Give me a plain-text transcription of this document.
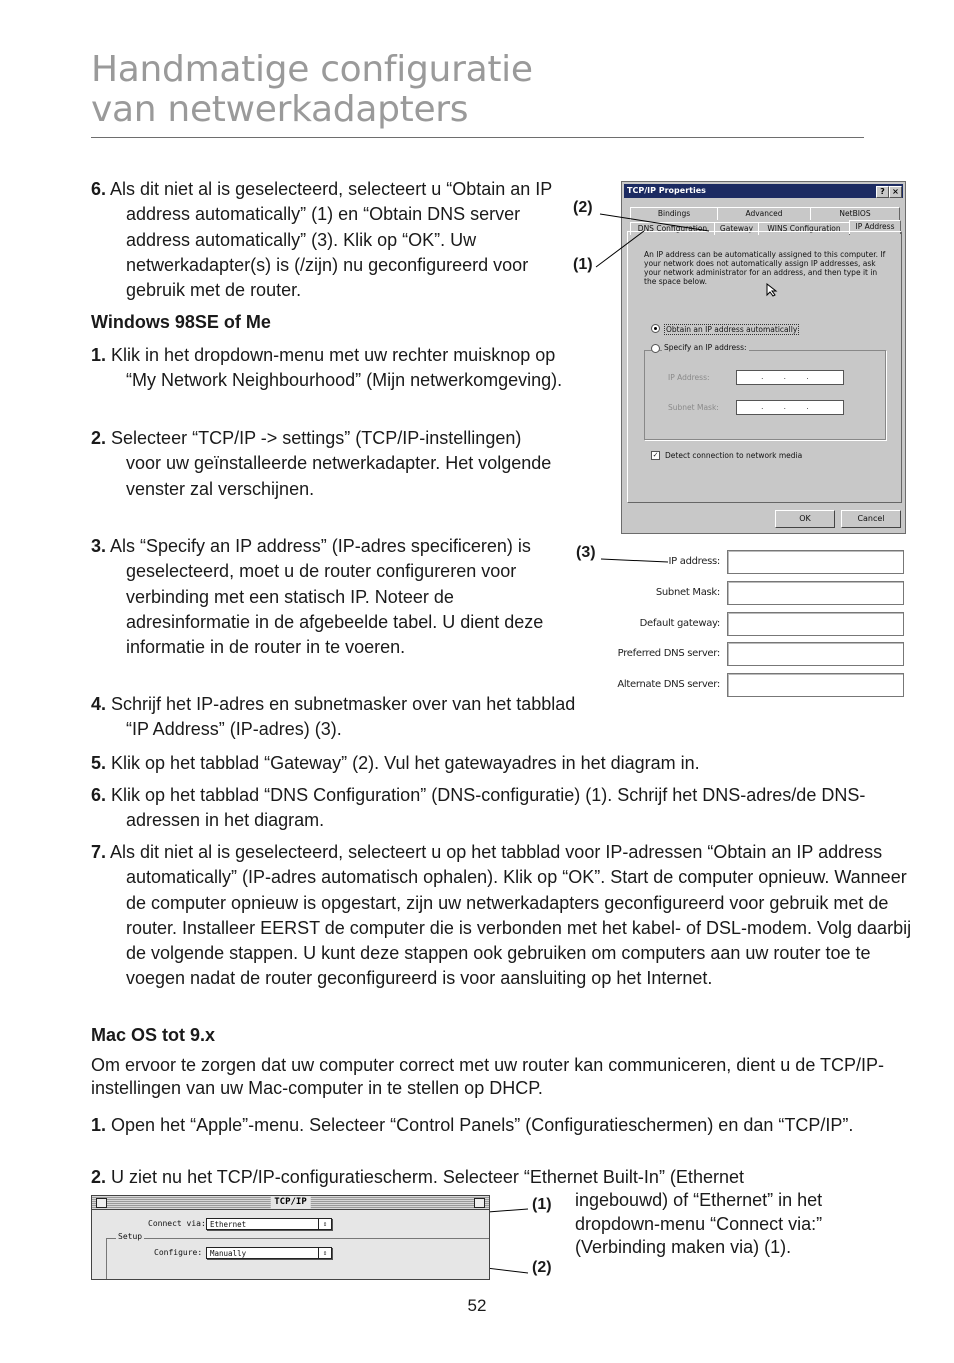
Handmatige configuratie
van netwerkadapters
6. Als dit niet al is geselecteerd, selecteert u “Obtain an IP address automatically” (1) en “Obtain DNS server address automatically” (3). Klik op “OK”. Uw netwerkadapter(s) is (/zijn) nu geconfigureerd voor gebruik met de router.
Windows 98SE of Me
1. Klik in het dropdown-menu met uw rechter muisknop op “My Network Neighbourhood” (Mijn netwerkomgeving).
2. Selecteer “TCP/IP -> settings” (TCP/IP-instellingen) voor uw geïnstalleerde netwerkadapter. Het volgende venster zal verschijnen.
3. Als “Specify an IP address” (IP-adres specificeren) is geselecteerd, moet u de router configureren voor verbinding met een statisch IP. Noteer de adresinformatie in de afgebeelde tabel. U dient deze informatie in de router in te voeren.
4. Schrijf het IP-adres en subnetmasker over van het tabblad “IP Address” (IP-adres) (3).
5. Klik op het tabblad “Gateway” (2). Vul het gatewayadres in het diagram in.
6. Klik op het tabblad “DNS Configuration” (DNS-configuratie) (1). Schrijf het DNS-adres/de DNS-adressen in het diagram.
7. Als dit niet al is geselecteerd, selecteert u op het tabblad voor IP-adressen “Obtain an IP address automatically” (IP-adres automatisch ophalen). Klik op “OK”. Start de computer opnieuw. Wanneer de computer opnieuw is opgestart, zijn uw netwerkadapters geconfigureerd voor gebruik met de router. Installeer EERST de computer die is verbonden met het kabel- of DSL-modem. Volg daarbij de volgende stappen. U kunt deze stappen ook gebruiken om computers aan uw router toe te voegen nadat de router geconfigureerd is voor aansluiting op het Internet.
Mac OS tot 9.x
Om ervoor te zorgen dat uw computer correct met uw router kan communiceren, dient u de TCP/IP-instellingen van uw Mac-computer in te stellen op DHCP.
1. Open het “Apple”-menu. Selecteer “Control Panels” (Configuratieschermen) en dan “TCP/IP”.
2. U ziet nu het TCP/IP-configuratiescherm. Selecteer “Ethernet Built-In” (Ethernet
ingebouwd) of “Ethernet” in het dropdown-menu “Connect via:” (Verbinding maken via) (1).
TCP/IP Properties	? ×
Bindings	Advanced	NetBIOS
DNS Configuration	Gateway	WINS Configuration	IP Address
An IP address can be automatically assigned to this computer. If your network does not automatically assign IP addresses, ask your network administrator for an address, and then type it in the space below.
Obtain an IP address automatically
Specify an IP address:
IP Address:	...
Subnet Mask:	...
✓ Detect connection to network media
OK	Cancel
(2)
(1)
(3)
IP address:
Subnet Mask:
Default gateway:
Preferred DNS server:
Alternate DNS server:
TCP/IP
Connect via: Ethernet	⇕
Setup
Configure:	Manually	⇕
(1)
(2)
52
